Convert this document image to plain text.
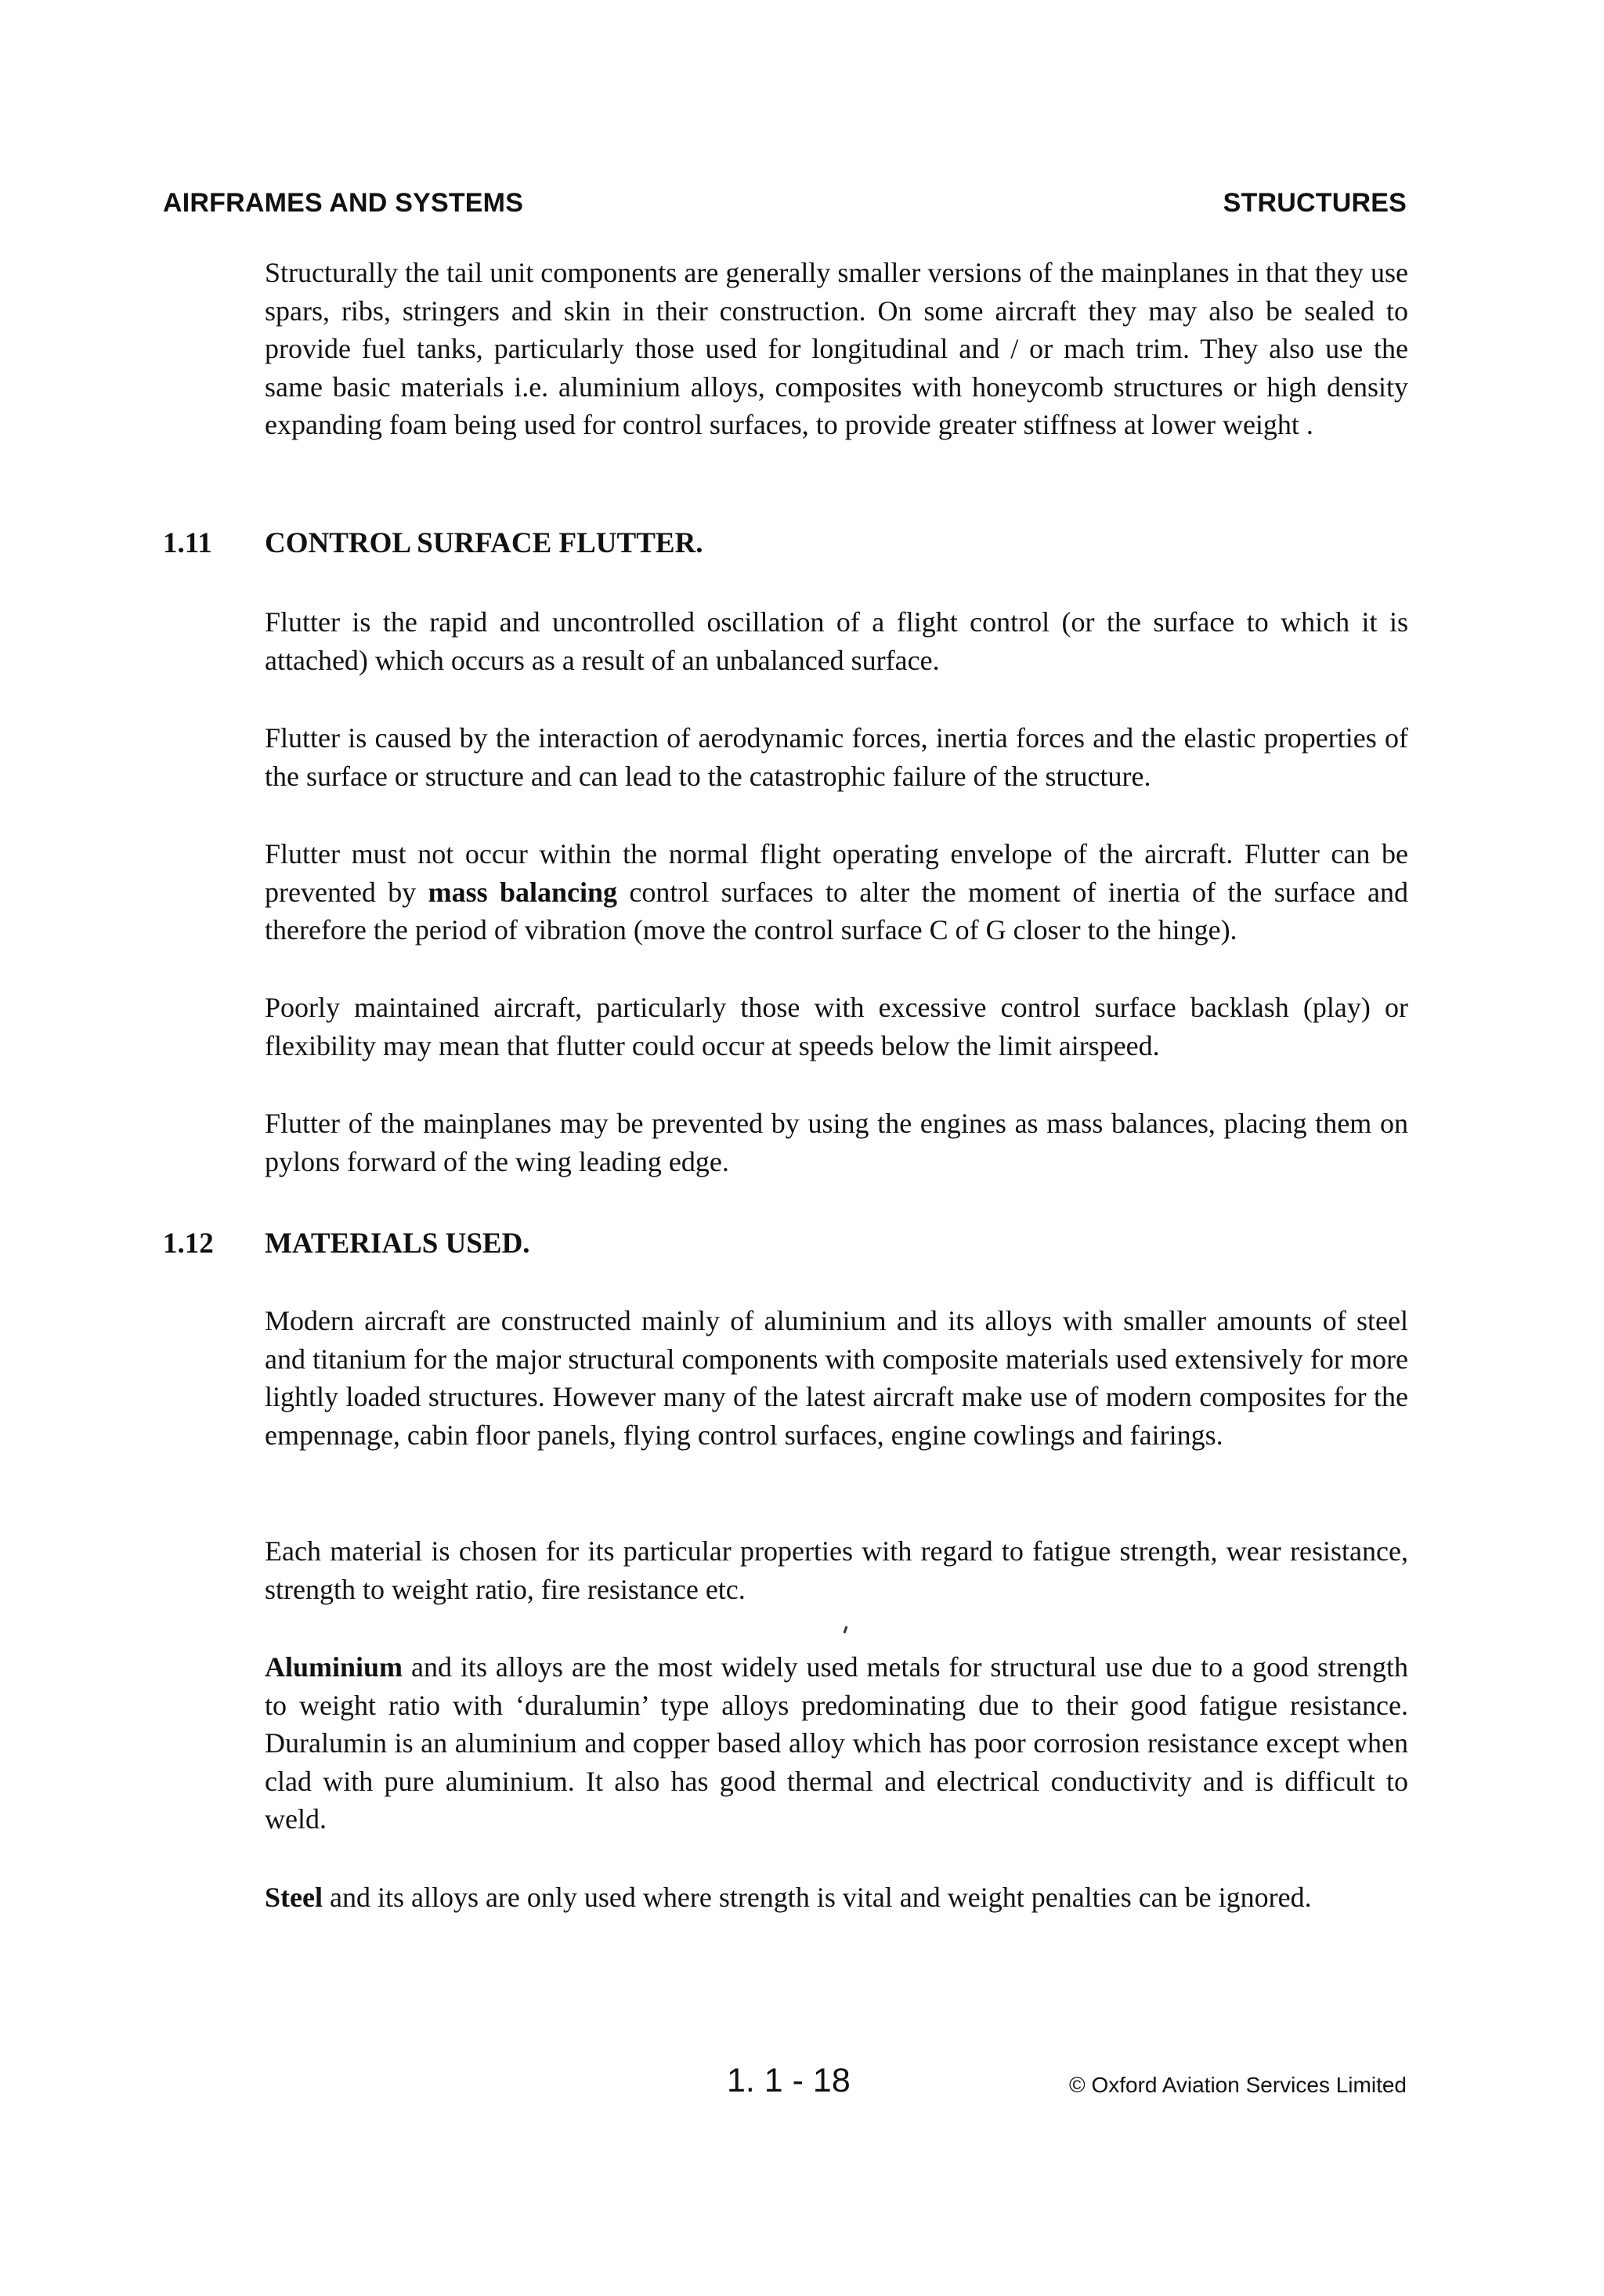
AIRFRAMES AND SYSTEMS	STRUCTURES

Structurally the tail unit components are generally smaller versions of the mainplanes in that they use spars, ribs, stringers and skin in their construction. On some aircraft they may also be sealed to provide fuel tanks, particularly those used for longitudinal and / or mach trim. They also use the same basic materials i.e. aluminium alloys, composites with honeycomb structures or high density expanding foam being used for control surfaces, to provide greater stiffness at lower weight .

1.11 CONTROL SURFACE FLUTTER.

Flutter is the rapid and uncontrolled oscillation of a flight control (or the surface to which it is attached) which occurs as a result of an unbalanced surface.

Flutter is caused by the interaction of aerodynamic forces, inertia forces and the elastic properties of the surface or structure and can lead to the catastrophic failure of the structure.

Flutter must not occur within the normal flight operating envelope of the aircraft. Flutter can be prevented by mass balancing control surfaces to alter the moment of inertia of the surface and therefore the period of vibration (move the control surface C of G closer to the hinge).

Poorly maintained aircraft, particularly those with excessive control surface backlash (play) or flexibility may mean that flutter could occur at speeds below the limit airspeed.

Flutter of the mainplanes may be prevented by using the engines as mass balances, placing them on pylons forward of the wing leading edge.

1.12 MATERIALS USED.

Modern aircraft are constructed mainly of aluminium and its alloys with smaller amounts of steel and titanium for the major structural components with composite materials used extensively for more lightly loaded structures. However many of the latest aircraft make use of modern composites for the empennage, cabin floor panels, flying control surfaces, engine cowlings and fairings.

Each material is chosen for its particular properties with regard to fatigue strength, wear resistance, strength to weight ratio, fire resistance etc.

Aluminium and its alloys are the most widely used metals for structural use due to a good strength to weight ratio with ‘duralumin’ type alloys predominating due to their good fatigue resistance. Duralumin is an aluminium and copper based alloy which has poor corrosion resistance except when clad with pure aluminium. It also has good thermal and electrical conductivity and is difficult to weld.

Steel and its alloys are only used where strength is vital and weight penalties can be ignored.

1. 1 - 18	© Oxford Aviation Services Limited
